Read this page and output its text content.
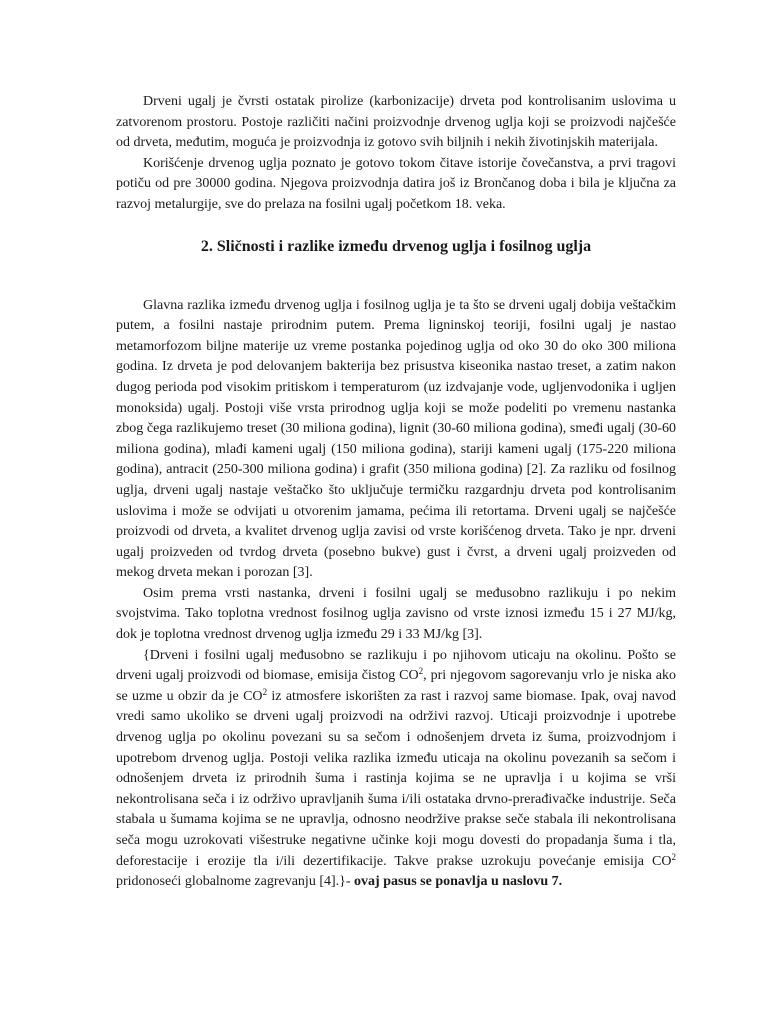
Drveni ugalj je čvrsti ostatak pirolize (karbonizacije) drveta pod kontrolisanim uslovima u zatvorenom prostoru. Postoje različiti načini proizvodnje drvenog uglja koji se proizvodi najčešće od drveta, međutim, moguća je proizvodnja iz gotovo svih biljnih i nekih životinjskih materijala.

Korišćenje drvenog uglja poznato je gotovo tokom čitave istorije čovečanstva, a prvi tragovi potiču od pre 30000 godina. Njegova proizvodnja datira još iz Brončanog doba i bila je ključna za razvoj metalurgije, sve do prelaza na fosilni ugalj početkom 18. veka.

2. Sličnosti i razlike između drvenog uglja i fosilnog uglja

Glavna razlika između drvenog uglja i fosilnog uglja je ta što se drveni ugalj dobija veštačkim putem, a fosilni nastaje prirodnim putem. Prema ligninskoj teoriji, fosilni ugalj je nastao metamorfozom biljne materije uz vreme postanka pojedinog uglja od oko 30 do oko 300 miliona godina. Iz drveta je pod delovanjem bakterija bez prisustva kiseonika nastao treset, a zatim nakon dugog perioda pod visokim pritiskom i temperaturom (uz izdvajanje vode, ugljenvodonika i ugljen monoksida) ugalj. Postoji više vrsta prirodnog uglja koji se može podeliti po vremenu nastanka zbog čega razlikujemo treset (30 miliona godina), lignit (30-60 miliona godina), smeđi ugalj (30-60 miliona godina), mlađi kameni ugalj (150 miliona godina), stariji kameni ugalj (175-220 miliona godina), antracit (250-300 miliona godina) i grafit (350 miliona godina) [2]. Za razliku od fosilnog uglja, drveni ugalj nastaje veštačko što uključuje termičku razgardnju drveta pod kontrolisanim uslovima i može se odvijati u otvorenim jamama, pećima ili retortama. Drveni ugalj se najčešće proizvodi od drveta, a kvalitet drvenog uglja zavisi od vrste korišćenog drveta. Tako je npr. drveni ugalj proizveden od tvrdog drveta (posebno bukve) gust i čvrst, a drveni ugalj proizveden od mekog drveta mekan i porozan [3].

Osim prema vrsti nastanka, drveni i fosilni ugalj se međusobno razlikuju i po nekim svojstvima. Tako toplotna vrednost fosilnog uglja zavisno od vrste iznosi između 15 i 27 MJ/kg, dok je toplotna vrednost drvenog uglja između 29 i 33 MJ/kg [3].

{Drveni i fosilni ugalj međusobno se razlikuju i po njihovom uticaju na okolinu. Pošto se drveni ugalj proizvodi od biomase, emisija čistog $CO^2$, pri njegovom sagorevanju vrlo je niska ako se uzme u obzir da je $CO^2$ iz atmosfere iskorišten za rast i razvoj same biomase. Ipak, ovaj navod vredi samo ukoliko se drveni ugalj proizvodi na održivi razvoj. Uticaji proizvodnje i upotrebe drvenog uglja po okolinu povezani su sa sečom i odnošenjem drveta iz šuma, proizvodnjom i upotrebom drvenog uglja. Postoji velika razlika između uticaja na okolinu povezanih sa sečom i odnošenjem drveta iz prirodnih šuma i rastinja kojima se ne upravlja i u kojima se vrši nekontrolisana seča i iz održivo upravljanih šuma i/ili ostataka drvno-prerađivačke industrije. Seča stabala u šumama kojima se ne upravlja, odnosno neodržive prakse seče stabala ili nekontrolisana seča mogu uzrokovati višestruke negativne učinke koji mogu dovesti do propadanja šuma i tla, deforestacije i erozije tla i/ili dezertifikacije. Takve prakse uzrokuju povećanje emisija $CO^2$ pridonoseći globalnome zagrevanju [4].}- ovaj pasus se ponavlja u naslovu 7.
